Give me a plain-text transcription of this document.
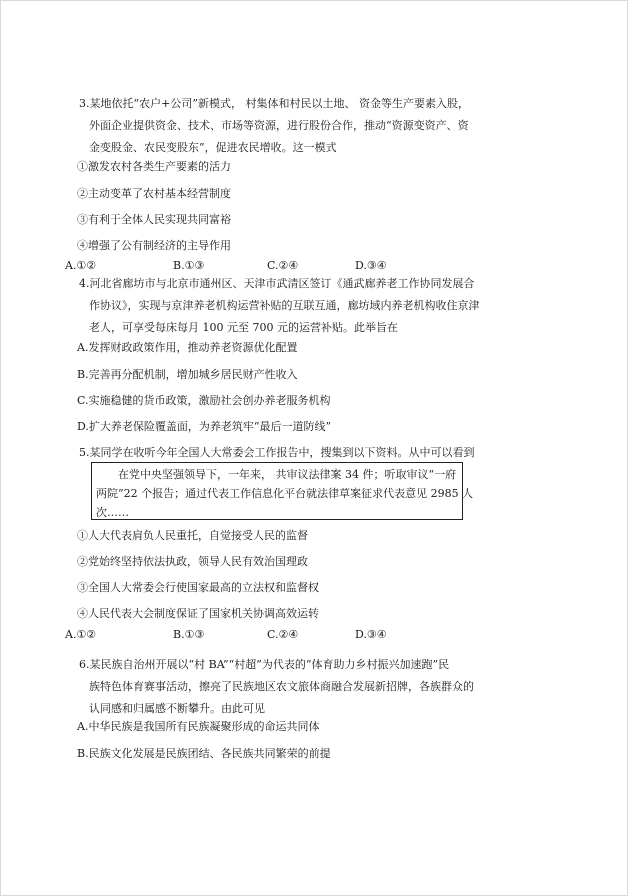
3.某地依托“农户+公司”新模式， 村集体和村民以土地、 资金等生产要素入股，
外面企业提供资金、技术、市场等资源，进行股份合作，推动“资源变资产、资
金变股金、农民变股东”，促进农民增收。这一模式
①激发农村各类生产要素的活力
②主动变革了农村基本经营制度
③有利于全体人民实现共同富裕
④增强了公有制经济的主导作用
A.①②	B.①③	C.②④	D.③④
4.河北省廊坊市与北京市通州区、天津市武清区签订《通武廊养老工作协同发展合
作协议》，实现与京津养老机构运营补贴的互联互通，廊坊域内养老机构收住京津
老人，可享受每床每月 100 元至 700 元的运营补贴。此举旨在
A.发挥财政政策作用，推动养老资源优化配置
B.完善再分配机制，增加城乡居民财产性收入
C.实施稳健的货币政策，激励社会创办养老服务机构
D.扩大养老保险覆盖面，为养老筑牢“最后一道防线”
5.某同学在收听今年全国人大常委会工作报告中，搜集到以下资料。从中可以看到
在党中央坚强领导下，一年来， 共审议法律案 34 件；听取审议“一府
两院”22 个报告；通过代表工作信息化平台就法律草案征求代表意见 2985 人
次……
①人大代表肩负人民重托，自觉接受人民的监督
②党始终坚持依法执政，领导人民有效治国理政
③全国人大常委会行使国家最高的立法权和监督权
④人民代表大会制度保证了国家机关协调高效运转
A.①②	B.①③	C.②④	D.③④
6.某民族自治州开展以“村 BA”“村超”为代表的“体育助力乡村振兴加速跑”民
族特色体育赛事活动，擦亮了民族地区农文旅体商融合发展新招牌，各族群众的
认同感和归属感不断攀升。由此可见
A.中华民族是我国所有民族凝聚形成的命运共同体
B.民族文化发展是民族团结、各民族共同繁荣的前提
